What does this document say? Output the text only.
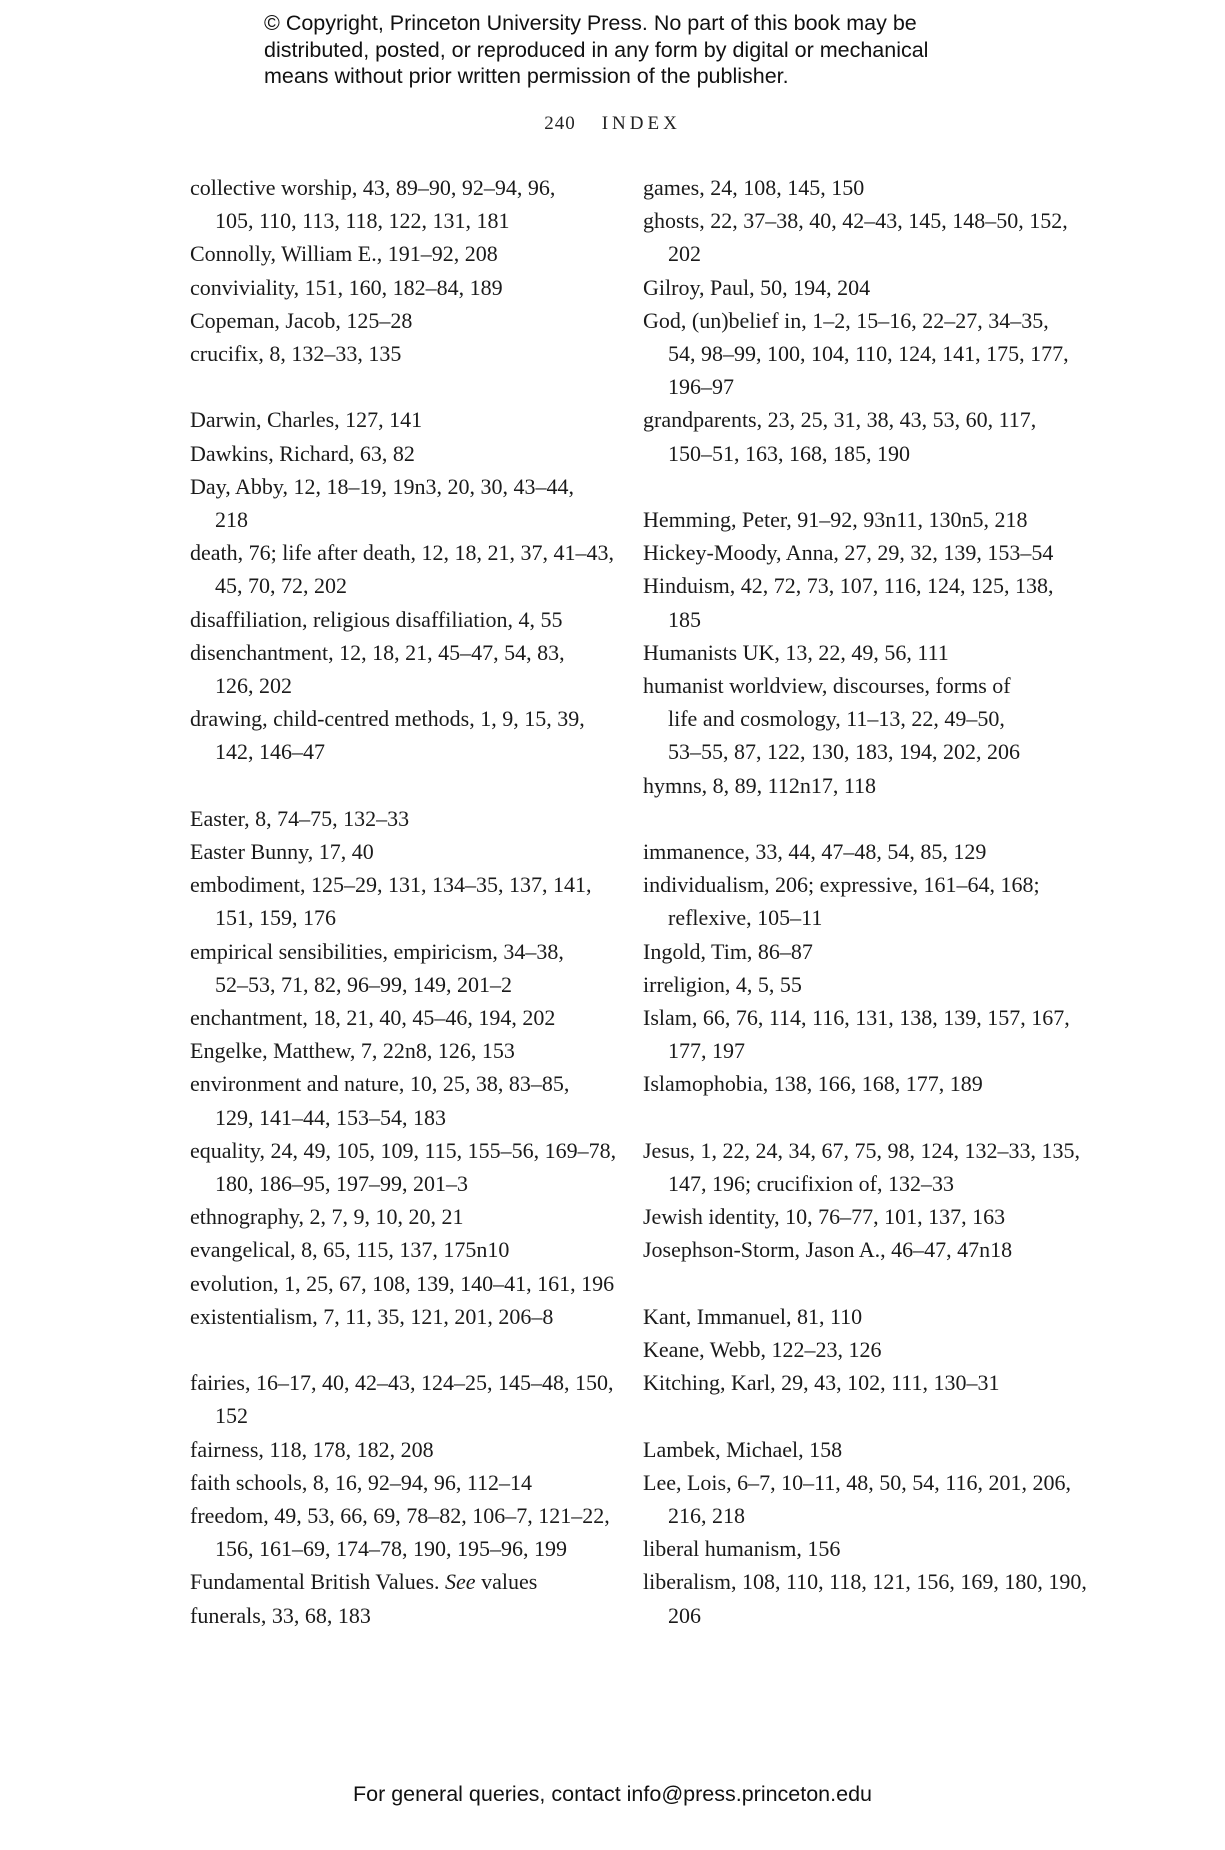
© Copyright, Princeton University Press. No part of this book may be
distributed, posted, or reproduced in any form by digital or mechanical
means without prior written permission of the publisher.
240 INDEX
collective worship, 43, 89–90, 92–94, 96,
105, 110, 113, 118, 122, 131, 181
Connolly, William E., 191–92, 208
conviviality, 151, 160, 182–84, 189
Copeman, Jacob, 125–28
crucifix, 8, 132–33, 135
Darwin, Charles, 127, 141
Dawkins, Richard, 63, 82
Day, Abby, 12, 18–19, 19n3, 20, 30, 43–44,
218
death, 76; life after death, 12, 18, 21, 37, 41–43,
45, 70, 72, 202
disaffiliation, religious disaffiliation, 4, 55
disenchantment, 12, 18, 21, 45–47, 54, 83,
126, 202
drawing, child-centred methods, 1, 9, 15, 39,
142, 146–47
Easter, 8, 74–75, 132–33
Easter Bunny, 17, 40
embodiment, 125–29, 131, 134–35, 137, 141,
151, 159, 176
empirical sensibilities, empiricism, 34–38,
52–53, 71, 82, 96–99, 149, 201–2
enchantment, 18, 21, 40, 45–46, 194, 202
Engelke, Matthew, 7, 22n8, 126, 153
environment and nature, 10, 25, 38, 83–85,
129, 141–44, 153–54, 183
equality, 24, 49, 105, 109, 115, 155–56, 169–78,
180, 186–95, 197–99, 201–3
ethnography, 2, 7, 9, 10, 20, 21
evangelical, 8, 65, 115, 137, 175n10
evolution, 1, 25, 67, 108, 139, 140–41, 161, 196
existentialism, 7, 11, 35, 121, 201, 206–8
fairies, 16–17, 40, 42–43, 124–25, 145–48, 150,
152
fairness, 118, 178, 182, 208
faith schools, 8, 16, 92–94, 96, 112–14
freedom, 49, 53, 66, 69, 78–82, 106–7, 121–22,
156, 161–69, 174–78, 190, 195–96, 199
Fundamental British Values. See values
funerals, 33, 68, 183
games, 24, 108, 145, 150
ghosts, 22, 37–38, 40, 42–43, 145, 148–50, 152,
202
Gilroy, Paul, 50, 194, 204
God, (un)belief in, 1–2, 15–16, 22–27, 34–35,
54, 98–99, 100, 104, 110, 124, 141, 175, 177,
196–97
grandparents, 23, 25, 31, 38, 43, 53, 60, 117,
150–51, 163, 168, 185, 190
Hemming, Peter, 91–92, 93n11, 130n5, 218
Hickey-Moody, Anna, 27, 29, 32, 139, 153–54
Hinduism, 42, 72, 73, 107, 116, 124, 125, 138,
185
Humanists UK, 13, 22, 49, 56, 111
humanist worldview, discourses, forms of
life and cosmology, 11–13, 22, 49–50,
53–55, 87, 122, 130, 183, 194, 202, 206
hymns, 8, 89, 112n17, 118
immanence, 33, 44, 47–48, 54, 85, 129
individualism, 206; expressive, 161–64, 168;
reflexive, 105–11
Ingold, Tim, 86–87
irreligion, 4, 5, 55
Islam, 66, 76, 114, 116, 131, 138, 139, 157, 167,
177, 197
Islamophobia, 138, 166, 168, 177, 189
Jesus, 1, 22, 24, 34, 67, 75, 98, 124, 132–33, 135,
147, 196; crucifixion of, 132–33
Jewish identity, 10, 76–77, 101, 137, 163
Josephson-Storm, Jason A., 46–47, 47n18
Kant, Immanuel, 81, 110
Keane, Webb, 122–23, 126
Kitching, Karl, 29, 43, 102, 111, 130–31
Lambek, Michael, 158
Lee, Lois, 6–7, 10–11, 48, 50, 54, 116, 201, 206,
216, 218
liberal humanism, 156
liberalism, 108, 110, 118, 121, 156, 169, 180, 190,
206
For general queries, contact info@press.princeton.edu
